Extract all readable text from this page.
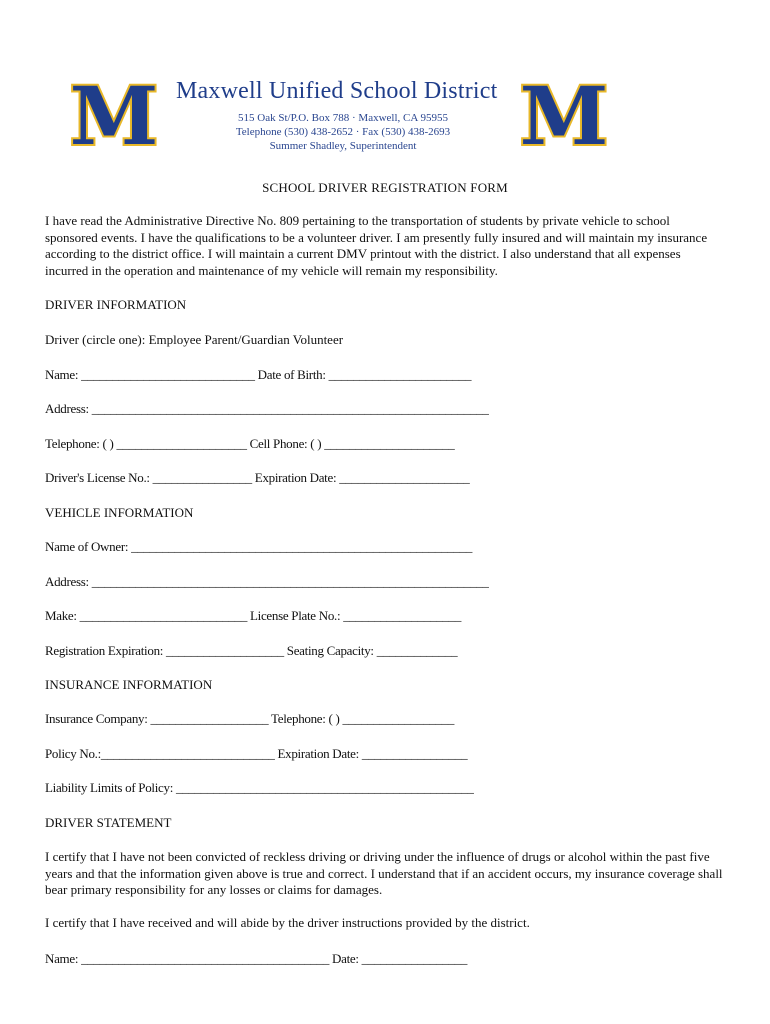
M Maxwell Unified School District
515 Oak St/P.O. Box 788 · Maxwell, CA 95955
Telephone (530) 438-2652 · Fax (530) 438-2693
Summer Shadley, Superintendent	M
SCHOOL DRIVER REGISTRATION FORM
I have read the Administrative Directive No. 809 pertaining to the transportation of students by private vehicle to school sponsored events. I have the qualifications to be a volunteer driver. I am presently fully insured and will maintain my insurance according to the district office. I will maintain a current DMV printout with the district. I also understand that all expenses incurred in the operation and maintenance of my vehicle will remain my responsibility.
DRIVER INFORMATION
Driver (circle one): Employee Parent/Guardian Volunteer
Name: ____________________________ Date of Birth: _______________________
Address: ________________________________________________________________
Telephone: ( ) _____________________ Cell Phone: ( ) _____________________
Driver's License No.: ________________ Expiration Date: _____________________
VEHICLE INFORMATION
Name of Owner: _______________________________________________________
Address: ________________________________________________________________
Make: ___________________________ License Plate No.: ___________________
Registration Expiration: ___________________ Seating Capacity: _____________
INSURANCE INFORMATION
Insurance Company: ___________________ Telephone: ( ) __________________
Policy No.:____________________________ Expiration Date: _________________
Liability Limits of Policy: ________________________________________________
DRIVER STATEMENT
I certify that I have not been convicted of reckless driving or driving under the influence of drugs or alcohol within the past five years and that the information given above is true and correct. I understand that if an accident occurs, my insurance coverage shall bear primary responsibility for any losses or claims for damages.
I certify that I have received and will abide by the driver instructions provided by the district.
Name: ________________________________________ Date: _________________
